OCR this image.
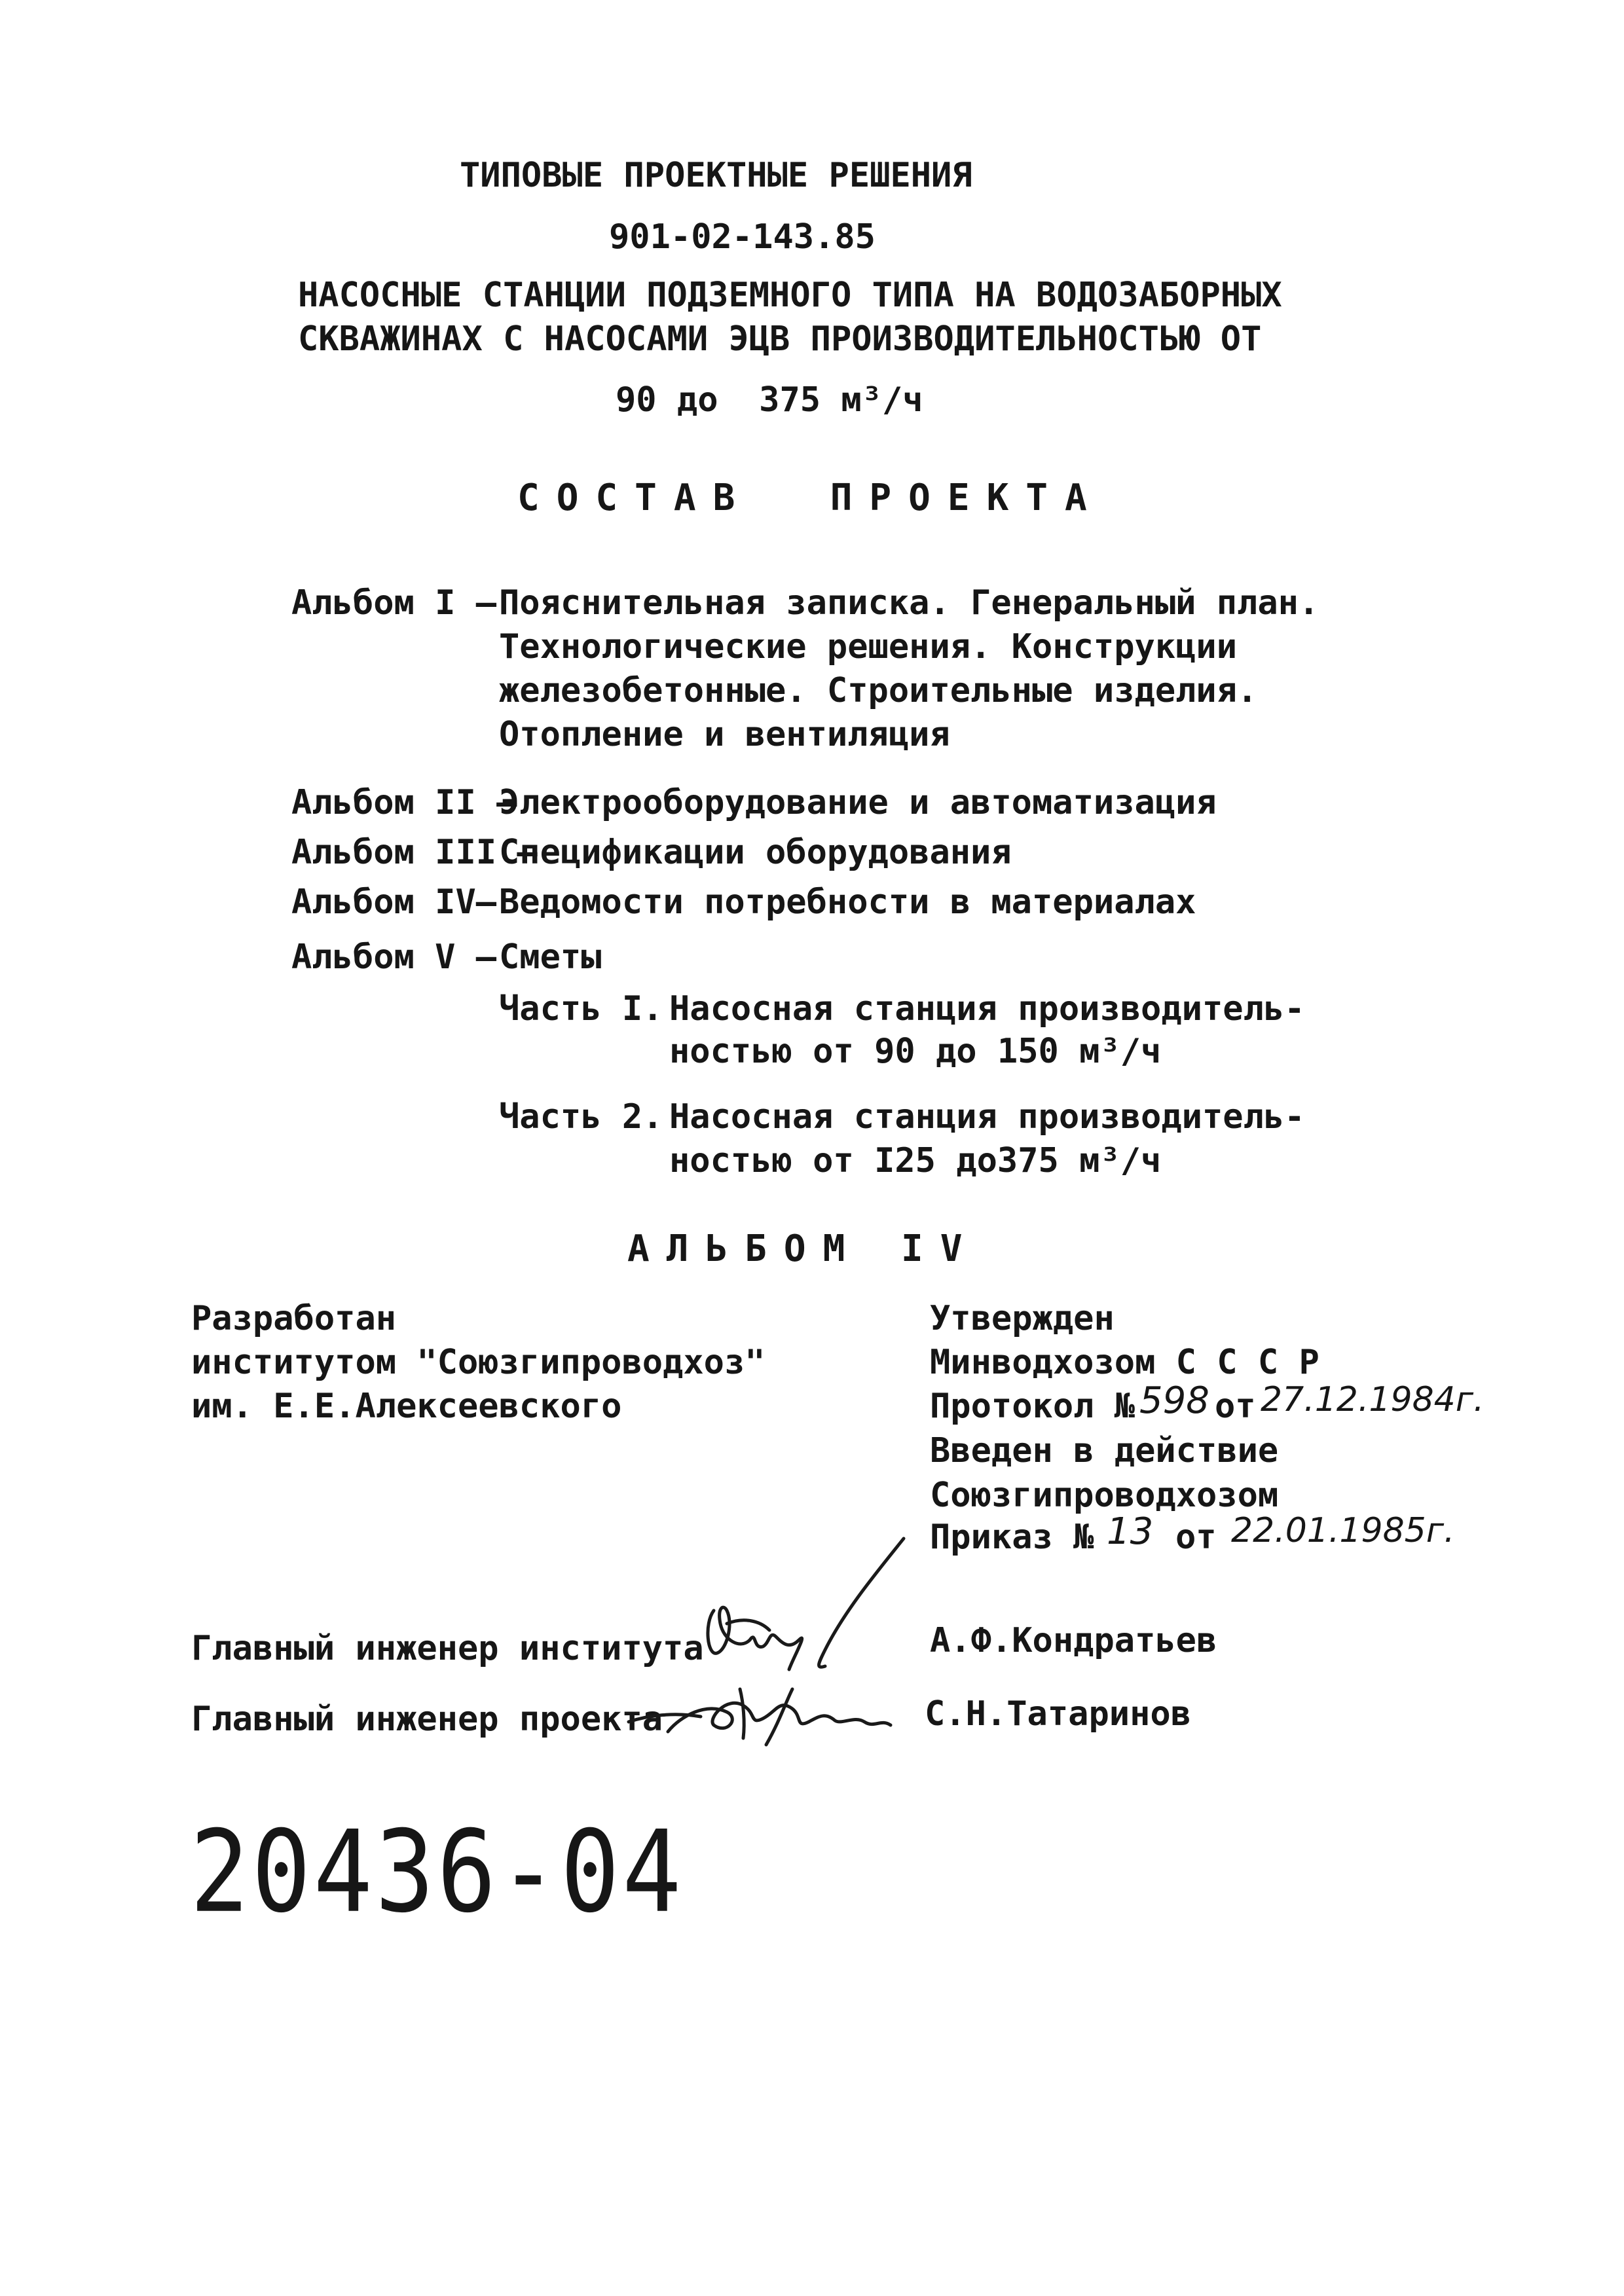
ТИПОВЫЕ ПРОЕКТНЫЕ РЕШЕНИЯ
901-02-143.85
НАСОСНЫЕ СТАНЦИИ ПОДЗЕМНОГО ТИПА НА ВОДОЗАБОРНЫХ
СКВАЖИНАХ С НАСОСАМИ ЭЦВ ПРОИЗВОДИТЕЛЬНОСТЬЮ ОТ
90 до  375 м³/ч
СОСТАВ  ПРОЕКТА
Альбом I – Пояснительная записка. Генеральный план.
Технологические решения. Конструкции
железобетонные. Строительные изделия.
Отопление и вентиляция
Альбом II –
Электрооборудование и автоматизация
Альбом III –
Спецификации оборудования
Альбом IV– Ведомости потребности в материалах
Альбом V – Сметы
Часть I. Насосная станция производитель-
ностью от 90 до 150 м³/ч
Часть 2. Насосная станция производитель-
ностью от I25 до375 м³/ч
АЛЬБОМ IV
Разработан
институтом "Союзгипроводхоз"
им. Е.Е.Алексеевского
Утвержден
Минводхозом С С С Р
Протокол № 598 от 27.12.1984г.
Введен в действие
Союзгипроводхозом
Приказ № 13 от 22.01.1985г.
Главный инженер института	А.Ф.Кондратьев
Главный инженер проекта	С.Н.Татаринов
20436-04
